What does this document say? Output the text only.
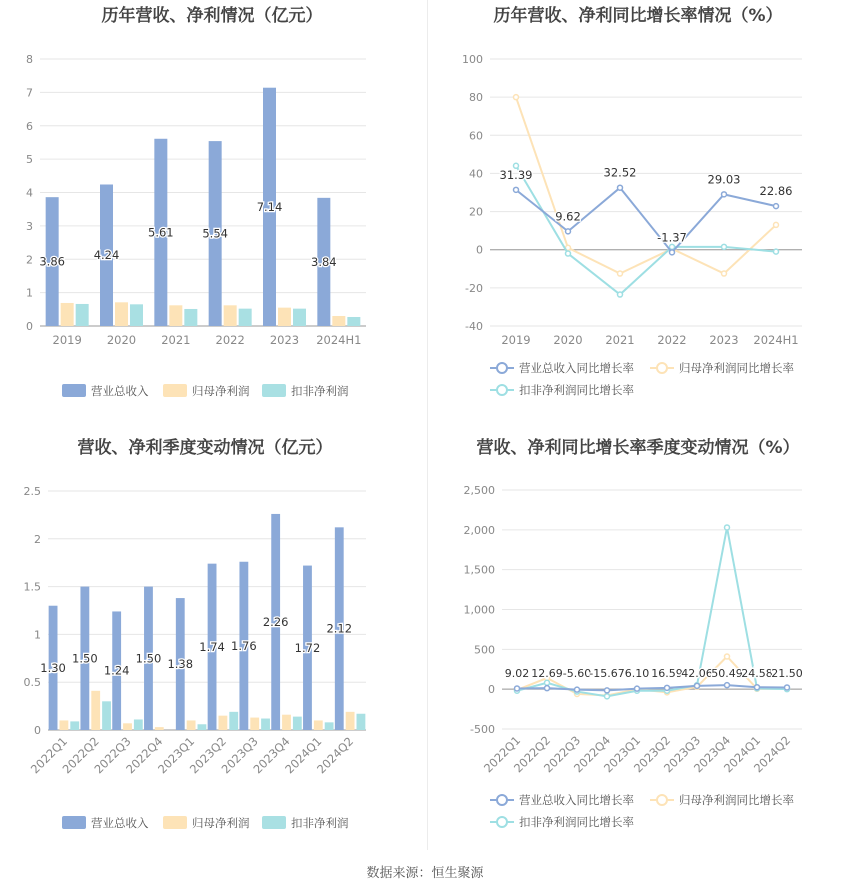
历年营收、净利情况（亿元）
0
1
2
3
4
5
6
7
8
2019 2020 2021 2022 2023 2024H1
3.86 4.24
5.61 5.54
7.14
3.84
营业总收入	归母净利润	扣非净利润
历年营收、净利同比增长率情况（%）
-40
-20
0
20
40
60
80
100
2019 2020 2021 2022 2023 2024H1
31.39
9.62
32.52
-1.37
29.03
22.86
营业总收入同比增长率	归母净利润同比增长率
扣非净利润同比增长率
营收、净利季度变动情况（亿元）
0
0.5
1
1.5
2
2.5
2022Q1
2022Q2
2022Q3
2022Q4
2023Q1
2023Q2
2023Q3
2023Q4
2024Q1
2024Q2
1.30
1.50
1.24
1.50 1.38
1.74 1.76
2.26
1.72
2.12
营业总收入	归母净利润	扣非净利润
营收、净利同比增长率季度变动情况（%）
-500
0
500
1,000
1,500
2,000
2,500
2022Q1
2022Q2
2022Q3
2022Q4
2023Q1
2023Q2
2023Q3
2023Q4
2024Q1
2024Q2
9.02 12.69 -5.60
-15.67 6.10 16.59
42.06
50.49
24.58
21.50
营业总收入同比增长率	归母净利润同比增长率
扣非净利润同比增长率
数据来源：恒生聚源
